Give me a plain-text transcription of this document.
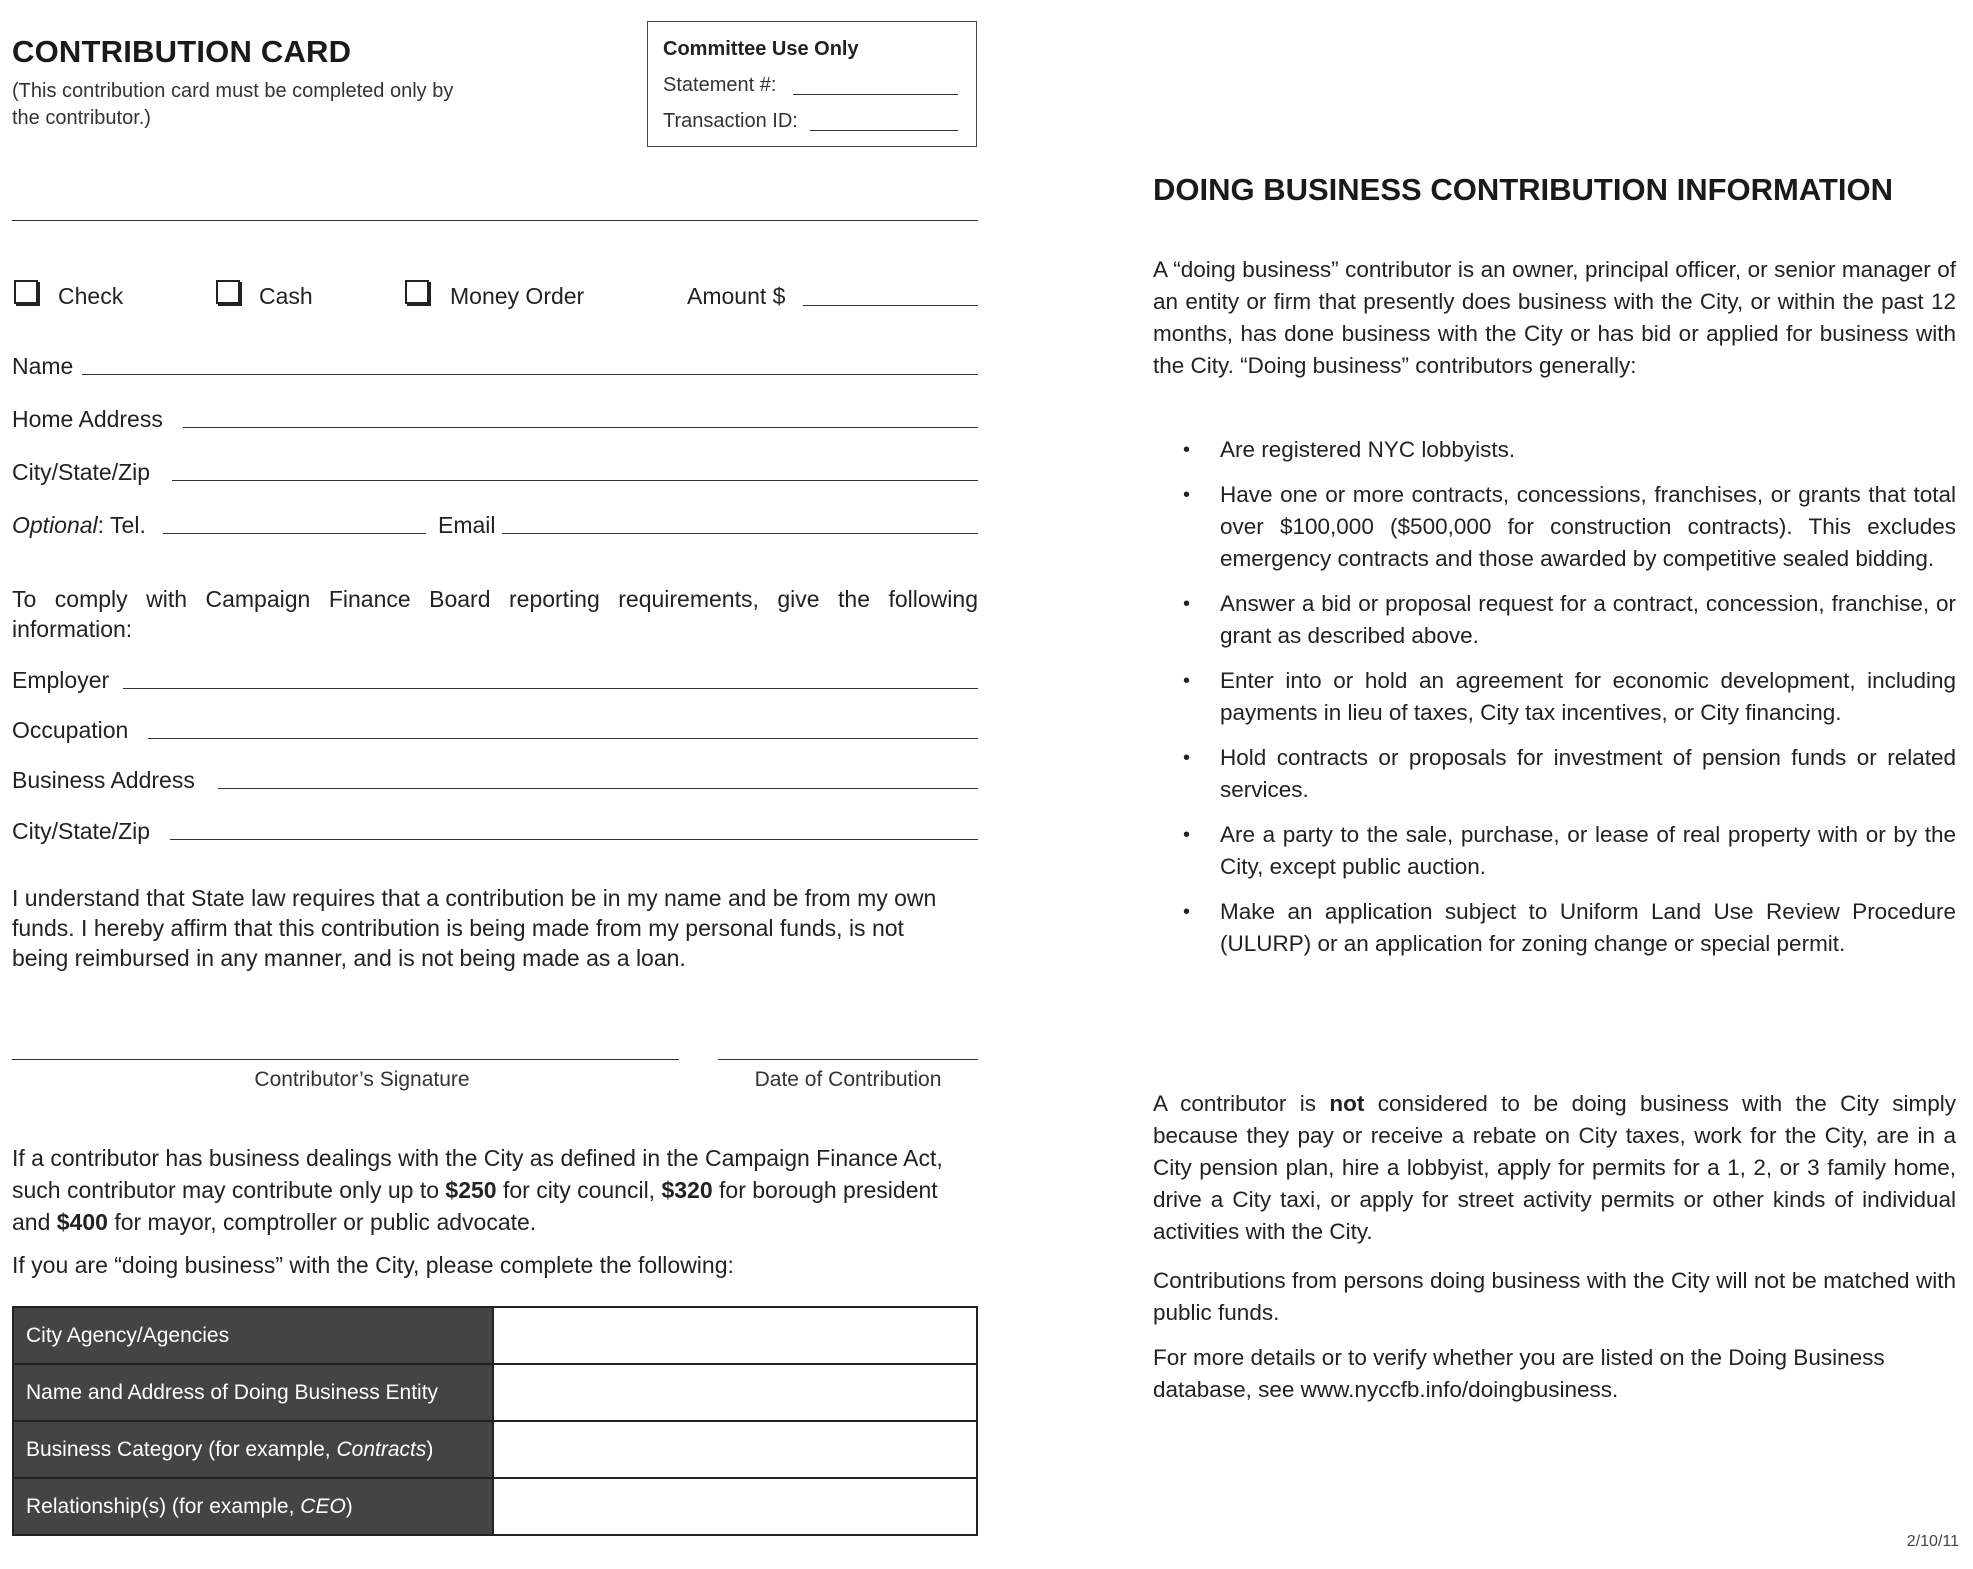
CONTRIBUTION CARD
(This contribution card must be completed only by the contributor.)
Committee Use Only
Statement #:
Transaction ID:
Check	Cash	Money Order	Amount $
Name
Home Address
City/State/Zip
Optional: Tel.	Email
To comply with Campaign Finance Board reporting requirements, give the following information:
Employer
Occupation
Business Address
City/State/Zip
I understand that State law requires that a contribution be in my name and be from my own funds. I hereby affirm that this contribution is being made from my personal funds, is not being reimbursed in any manner, and is not being made as a loan.
Contributor’s Signature	Date of Contribution
If a contributor has business dealings with the City as defined in the Campaign Finance Act, such contributor may contribute only up to $250 for city council, $320 for borough president and $400 for mayor, comptroller or public advocate.
If you are “doing business” with the City, please complete the following:
City Agency/Agencies	
Name and Address of Doing Business Entity	
Business Category (for example, Contracts)	
Relationship(s) (for example, CEO)	
DOING BUSINESS CONTRIBUTION INFORMATION
A “doing business” contributor is an owner, principal officer, or senior manager of an entity or firm that presently does business with the City, or within the past 12 months, has done business with the City or has bid or applied for business with the City. “Doing business” contributors generally:
• Are registered NYC lobbyists.
• Have one or more contracts, concessions, franchises, or grants that total over $100,000 ($500,000 for construction contracts). This excludes emergency contracts and those awarded by competitive sealed bidding.
• Answer a bid or proposal request for a contract, concession, franchise, or grant as described above.
• Enter into or hold an agreement for economic development, including payments in lieu of taxes, City tax incentives, or City financing.
• Hold contracts or proposals for investment of pension funds or related services.
• Are a party to the sale, purchase, or lease of real property with or by the City, except public auction.
• Make an application subject to Uniform Land Use Review Procedure (ULURP) or an application for zoning change or special permit.
A contributor is not considered to be doing business with the City simply because they pay or receive a rebate on City taxes, work for the City, are in a City pension plan, hire a lobbyist, apply for permits for a 1, 2, or 3 family home, drive a City taxi, or apply for street activity permits or other kinds of individual activities with the City.
Contributions from persons doing business with the City will not be matched with public funds.
For more details or to verify whether you are listed on the Doing Business database, see www.nyccfb.info/doingbusiness.
2/10/11
